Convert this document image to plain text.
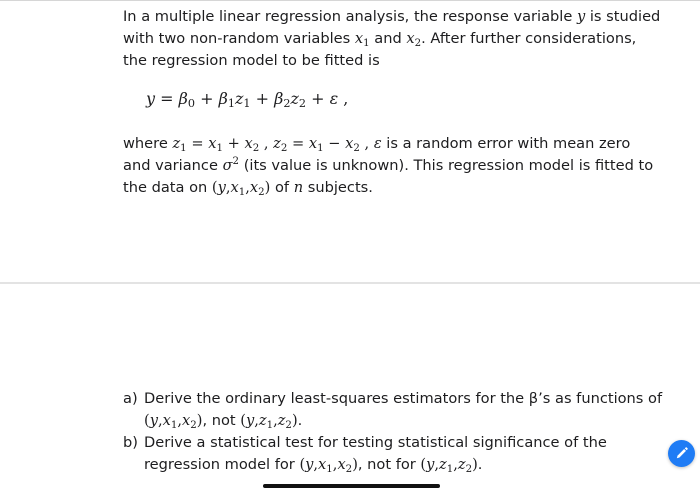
In a multiple linear regression analysis, the response variable y is studied
with two non-random variables $x_1$ and $x_2$. After further considerations,
the regression model to be fitted is

$y = \beta_0 + \beta_1z_1 + \beta_2z_2 + \varepsilon$ ,

where $z_1 = x_1 + x_2$ , $z_2 = x_1 - x_2$ , ε is a random error with mean zero
and variance $\sigma^2$ (its value is unknown). This regression model is fitted to
the data on $(y,x_1,x_2)$ of n subjects.

a) Derive the ordinary least-squares estimators for the β’s as functions of
$(y,x_1,x_2)$, not $(y,z_1,z_2)$.

b) Derive a statistical test for testing statistical significance of the
regression model for $(y,x_1,x_2)$, not for $(y,z_1,z_2)$.
